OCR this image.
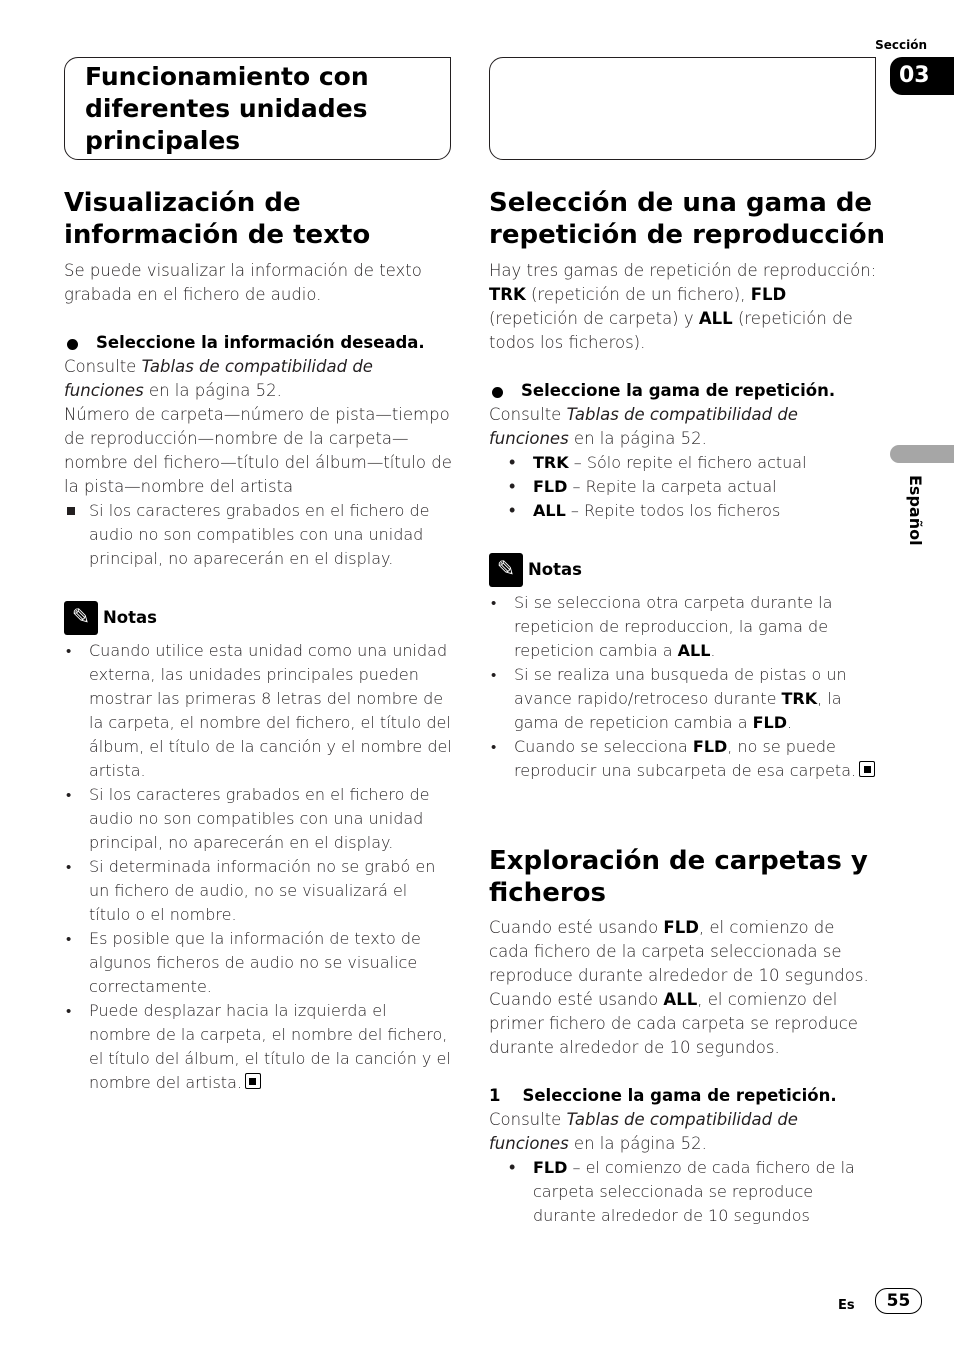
Sección
03
Español
Funcionamiento con diferentes unidades principales
Visualización de información de texto

Se puede visualizar la información de texto grabada en el fichero de audio.

Seleccione la información deseada.

Consulte Tablas de compatibilidad de funciones en la página 52.

Número de carpeta—número de pista—tiempo de reproducción—nombre de la carpeta—nombre del fichero—título del álbum—título de la pista—nombre del artista

Si los caracteres grabados en el fichero de audio no son compatibles con una unidad principal, no aparecerán en el display.

✎ Notas
• Cuando utilice esta unidad como una unidad externa, las unidades principales pueden mostrar las primeras 8 letras del nombre de la carpeta, el nombre del fichero, el título del álbum, el título de la canción y el nombre del artista.
• Si los caracteres grabados en el fichero de audio no son compatibles con una unidad principal, no aparecerán en el display.
• Si determinada información no se grabó en un fichero de audio, no se visualizará el título o el nombre.
• Es posible que la información de texto de algunos ficheros de audio no se visualice correctamente.
• Puede desplazar hacia la izquierda el nombre de la carpeta, el nombre del fichero, el título del álbum, el título de la canción y el nombre del artista.
Selección de una gama de repetición de reproducción

Hay tres gamas de repetición de reproducción: TRK (repetición de un fichero), FLD (repetición de carpeta) y ALL (repetición de todos los ficheros).

Seleccione la gama de repetición.

Consulte Tablas de compatibilidad de funciones en la página 52.

• TRK – Sólo repite el fichero actual
• FLD – Repite la carpeta actual
• ALL – Repite todos los ficheros
✎ Notas
• Si se selecciona otra carpeta durante la repeticion de reproduccion, la gama de repeticion cambia a ALL.
• Si se realiza una busqueda de pistas o un avance rapido/retroceso durante TRK, la gama de repeticion cambia a FLD.
• Cuando se selecciona FLD, no se puede reproducir una subcarpeta de esa carpeta.
Exploración de carpetas y ficheros

Cuando esté usando FLD, el comienzo de cada fichero de la carpeta seleccionada se reproduce durante alrededor de 10 segundos.

Cuando esté usando ALL, el comienzo del primer fichero de cada carpeta se reproduce durante alrededor de 10 segundos.

1 Seleccione la gama de repetición.

Consulte Tablas de compatibilidad de funciones en la página 52.

• FLD – el comienzo de cada fichero de la carpeta seleccionada se reproduce durante alrededor de 10 segundos
Es	55
